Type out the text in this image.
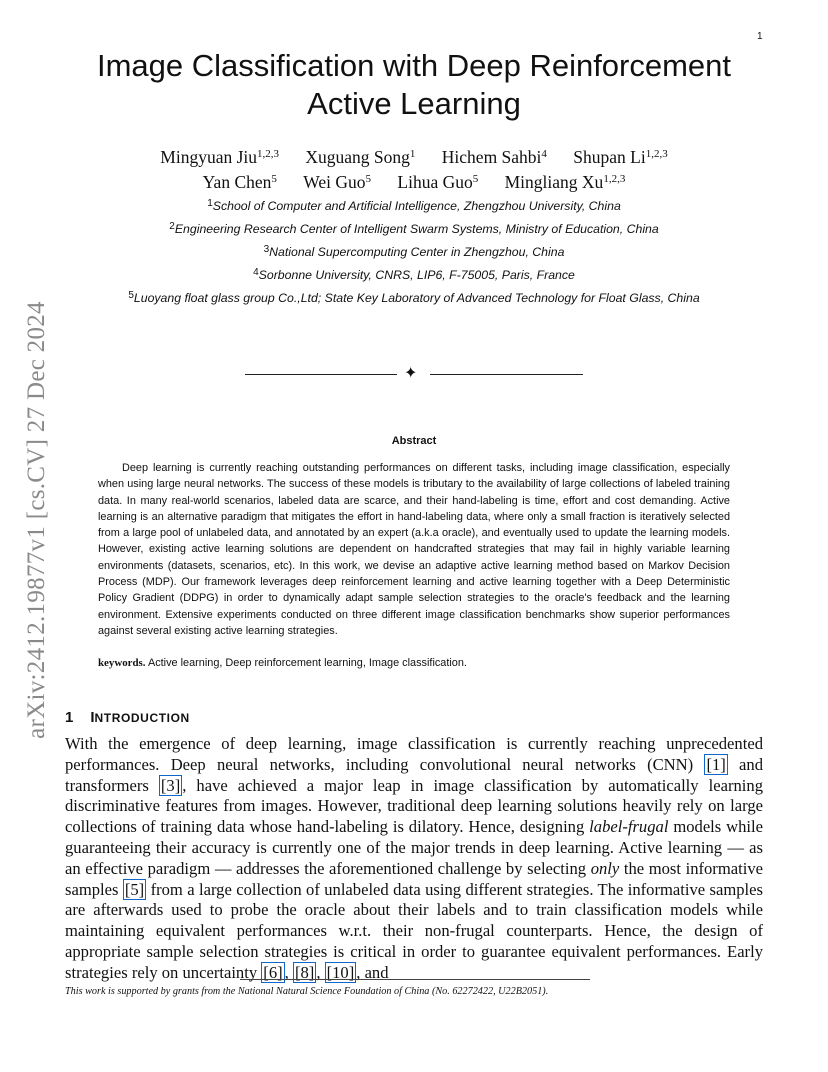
1
arXiv:2412.19877v1 [cs.CV] 27 Dec 2024
Image Classification with Deep Reinforcement Active Learning
Mingyuan Jiu$^{1,2,3}$ Xuguang Song$^1$ Hichem Sahbi$^4$ Shupan Li$^{1,2,3}$
Yan Chen$^5$ Wei Guo$^5$ Lihua Guo$^5$ Mingliang Xu$^{1,2,3}$
$^1$School of Computer and Artificial Intelligence, Zhengzhou University, China
$^2$Engineering Research Center of Intelligent Swarm Systems, Ministry of Education, China
$^3$National Supercomputing Center in Zhengzhou, China
$^4$Sorbonne University, CNRS, LIP6, F-75005, Paris, France
$^5$Luoyang float glass group Co.,Ltd; State Key Laboratory of Advanced Technology for Float Glass, China
✦
Abstract
Deep learning is currently reaching outstanding performances on different tasks, including image classification, especially when using large neural networks. The success of these models is tributary to the availability of large collections of labeled training data. In many real-world scenarios, labeled data are scarce, and their hand-labeling is time, effort and cost demanding. Active learning is an alternative paradigm that mitigates the effort in hand-labeling data, where only a small fraction is iteratively selected from a large pool of unlabeled data, and annotated by an expert (a.k.a oracle), and eventually used to update the learning models. However, existing active learning solutions are dependent on handcrafted strategies that may fail in highly variable learning environments (datasets, scenarios, etc). In this work, we devise an adaptive active learning method based on Markov Decision Process (MDP). Our framework leverages deep reinforcement learning and active learning together with a Deep Deterministic Policy Gradient (DDPG) in order to dynamically adapt sample selection strategies to the oracle's feedback and the learning environment. Extensive experiments conducted on three different image classification benchmarks show superior performances against several existing active learning strategies.
keywords. Active learning, Deep reinforcement learning, Image classification.
1 INTRODUCTION
With the emergence of deep learning, image classification is currently reaching unprecedented performances. Deep neural networks, including convolutional neural networks (CNN) [1] and transformers [3] , have achieved a major leap in image classification by automatically learning discriminative features from images. However, traditional deep learning solutions heavily rely on large collections of training data whose hand-labeling is dilatory. Hence, designing label-frugal models while guaranteeing their accuracy is currently one of the major trends in deep learning. Active learning — as an effective paradigm — addresses the aforementioned challenge by selecting only the most informative samples [5] from a large collection of unlabeled data using different strategies. The informative samples are afterwards used to probe the oracle about their labels and to train classification models while maintaining equivalent performances w.r.t. their non-frugal counterparts. Hence, the design of appropriate sample selection strategies is critical in order to guarantee equivalent performances. Early strategies rely on uncertainty [6] , [8] , [10] , and
This work is supported by grants from the National Natural Science Foundation of China (No. 62272422, U22B2051).
